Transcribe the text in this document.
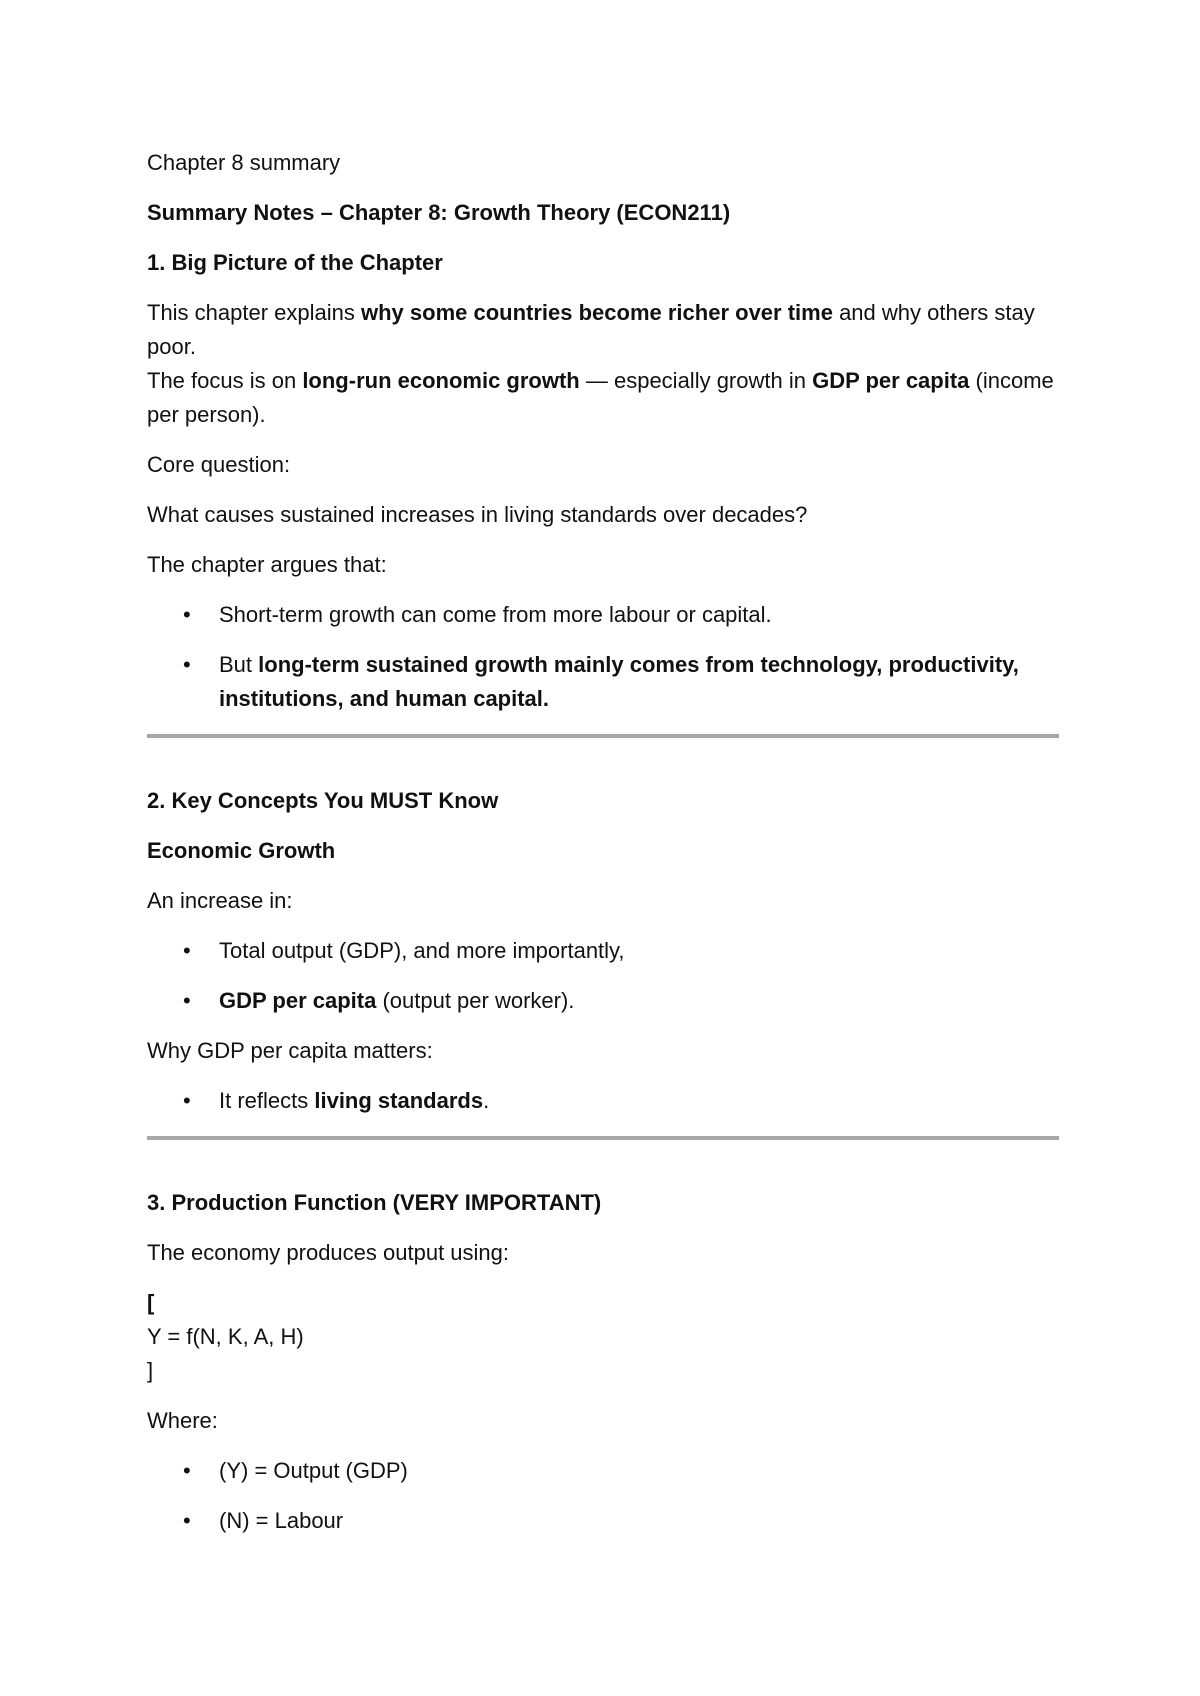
Chapter 8 summary

Summary Notes – Chapter 8: Growth Theory (ECON211)
1. Big Picture of the Chapter

This chapter explains why some countries become richer over time and why others stay poor.
The focus is on long-run economic growth — especially growth in GDP per capita (income per person).

Core question:

What causes sustained increases in living standards over decades?

The chapter argues that:

• Short-term growth can come from more labour or capital.
• But long-term sustained growth mainly comes from technology, productivity, institutions, and human capital.
2. Key Concepts You MUST Know
Economic Growth

An increase in:

• Total output (GDP), and more importantly,
• GDP per capita (output per worker).

Why GDP per capita matters:

• It reflects living standards.
3. Production Function (VERY IMPORTANT)

The economy produces output using:

[

Y = f(N, K, A, H)

]

Where:

• (Y) = Output (GDP)
• (N) = Labour
